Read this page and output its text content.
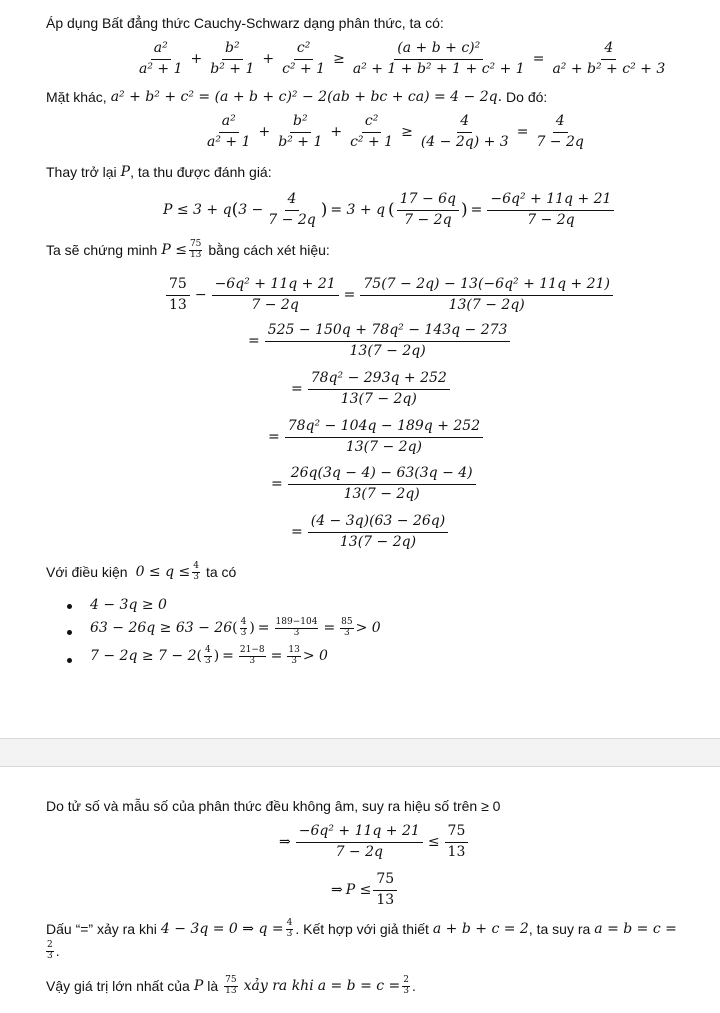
Áp dụng Bất đẳng thức Cauchy-Schwarz dạng phân thức, ta có:
$\frac{\text{a²}}{\text{a² + 1}} + \frac{\text{b²}}{\text{b² + 1}} + \frac{\text{c²}}{\text{c² + 1}} \ge \frac{\text{(a + b + c)²}}{\text{a² + 1 + b² + 1 + c² + 1}} = \frac{4}{\text{a² + b² + c² + 3}}$
Mặt khác, a² + b² + c² = (a + b + c)² − 2(ab + bc + ca) = 4 − 2q. Do đó:
$\frac{\text{a²}}{\text{a² + 1}} + \frac{\text{b²}}{\text{b² + 1}} + \frac{\text{c²}}{\text{c² + 1}} \ge \frac{4}{(4 - 2q) + 3} = \frac{4}{7 - 2q}$
Thay trở lại P , ta thu được đánh giá:
P ≤ 3 + q ( $3 - \frac{4}{7 - 2q}$ ) = 3 + q ( $\frac{17 - 6q}{7 - 2q}$ ) = $\frac{\text{−6q² + 11q + 21}}{7 - 2q}$
Ta sẽ chứng minh $P \le \frac{75}{13}$ bằng cách xét hiệu:
$\frac{75}{13} - \frac{\text{−6q² + 11q + 21}}{7 - 2q} = \frac{\text{75(7 − 2q) − 13(−6q² + 11q + 21)}}{13(7 - 2q)}$
= $\frac{\text{525 − 150q + 78q² − 143q − 273}}{13(7 - 2q)}$
= $\frac{\text{78q² − 293q + 252}}{13(7 - 2q)}$
= $\frac{\text{78q² − 104q − 189q + 252}}{13(7 - 2q)}$
= $\frac{26q(3q - 4) - 63(3q - 4)}{13(7 - 2q)}$
= $\frac{(4 - 3q)(63 - 26q)}{13(7 - 2q)}$
Với điều kiện $0 \le q \le \frac{4}{3}$ ta có
4 − 3q ≥ 0
63 − 26q ≥ 63 − 26 ( $\frac{4}{3}$ ) = $\frac{189-104}{3} = \frac{85}{3} > 0$
7 − 2q ≥ 7 − 2 ( $\frac{4}{3}$ ) = $\frac{21-8}{3} = \frac{13}{3} > 0$
Do tử số và mẫu số của phân thức đều không âm, suy ra hiệu số trên ≥ 0
⇒ $\frac{\text{−6q² + 11q + 21}}{7 - 2q} \le \frac{75}{13}$
⇒ $P \le \frac{75}{13}$
Dấu “=” xảy ra khi 4 − 3q = 0 ⇒ $q = \frac{4}{3}$ . Kết hợp với giả thiết a + b + c = 2 , ta suy ra a = b = c =
$\frac{2}{3}$ .
Vậy giá trị lớn nhất của P là $\frac{75}{13}$ xảy ra khi $a = b = c = \frac{2}{3}$ .
